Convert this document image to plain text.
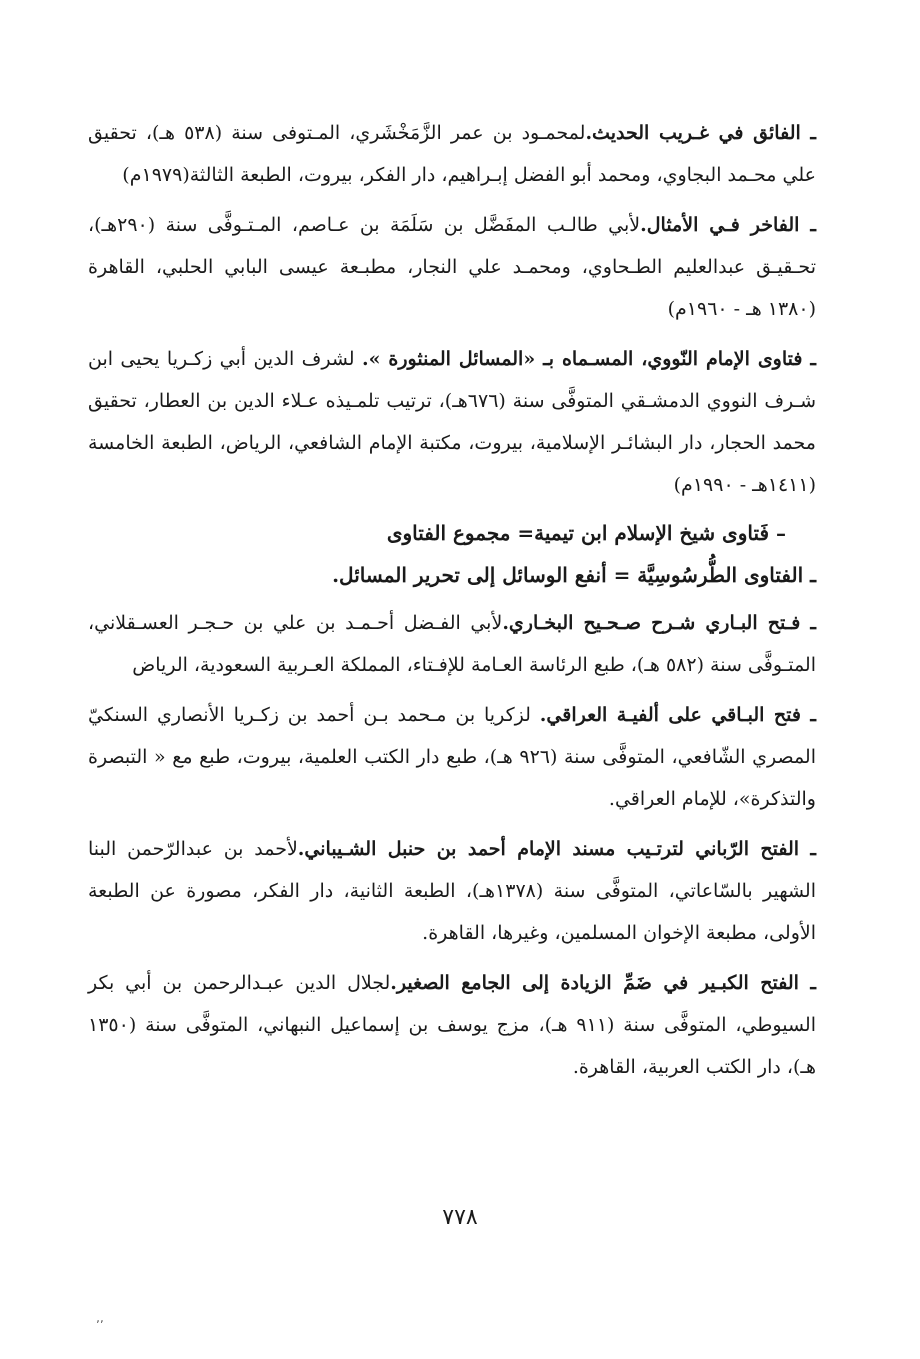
ـ الفائق في غـريب الحديث.لمحمـود بن عمر الزَّمَخْشَري، المـتوفى سنة (٥٣٨ هـ)، تحقيق علي محـمد البجاوي، ومحمد أبو الفضل إبـراهيم، دار الفكر، بيروت، الطبعة الثالثة(١٩٧٩م)

ـ الفاخر فـي الأمثال.لأبي طالـب المفَضَّل بن سَلَمَة بن عـاصم، المـتـوفَّى سنة (٢٩٠هـ)، تحـقيـق عبدالعليم الطـحاوي، ومحمـد علي النجار، مطبـعة عيسى البابي الحلبي، القاهرة (١٣٨٠ هـ - ١٩٦٠م)

ـ فتاوى الإمام النّووي، المسـماه بـ «المسائل المنثورة ». لشرف الدين أبي زكـريا يحيى ابن شـرف النووي الدمشـقي المتوفَّى سنة (٦٧٦هـ)، ترتيب تلمـيذه عـلاء الدين بن العطار، تحقيق محمد الحجار، دار البشائـر الإسلامية، بيروت، مكتبة الإمام الشافعي، الرياض، الطبعة الخامسة (١٤١١هـ - ١٩٩٠م)

– فَتاوى شيخ الإسلام ابن تيمية= مجموع الفتاوى

ـ الفتاوى الطُّرسُوسِيَّة = أنفع الوسائل إلى تحرير المسائل.

ـ فـتح البـاري شـرح صـحـيح البخـاري.لأبي الفـضل أحـمـد بن علي بن حـجـر العسـقلاني، المتـوفَّى سنة (٥٨٢ هـ)، طبع الرئاسة العـامة للإفـتاء، المملكة العـربية السعودية، الرياض

ـ فتح البـاقي على ألفيـة العراقي. لزكريا بن مـحمد بـن أحمد بن زكـريا الأنصاري السنكيّ المصري الشّافعي، المتوفَّى سنة (٩٢٦ هـ)، طبع دار الكتب العلمية، بيروت، طبع مع « التبصرة والتذكرة»، للإمام العراقي.

ـ الفتح الرّباني لترتـيب مسند الإمام أحمد بن حنبل الشـيباني.لأحمد بن عبدالرّحمن البنا الشهير بالسّاعاتي، المتوفَّى سنة (١٣٧٨هـ)، الطبعة الثانية، دار الفكر، مصورة عن الطبعة الأولى، مطبعة الإخوان المسلمين، وغيرها، القاهرة.

ـ الفتح الكبـير في ضَمِّ الزيادة إلى الجامع الصغير.لجلال الدين عبـدالرحمن بن أبي بكر السيوطي، المتوفَّى سنة (٩١١ هـ)، مزج يوسف بن إسماعيل النبهاني، المتوفَّى سنة (١٣٥٠ هـ)، دار الكتب العربية، القاهرة.

٧٧٨
٬٬
